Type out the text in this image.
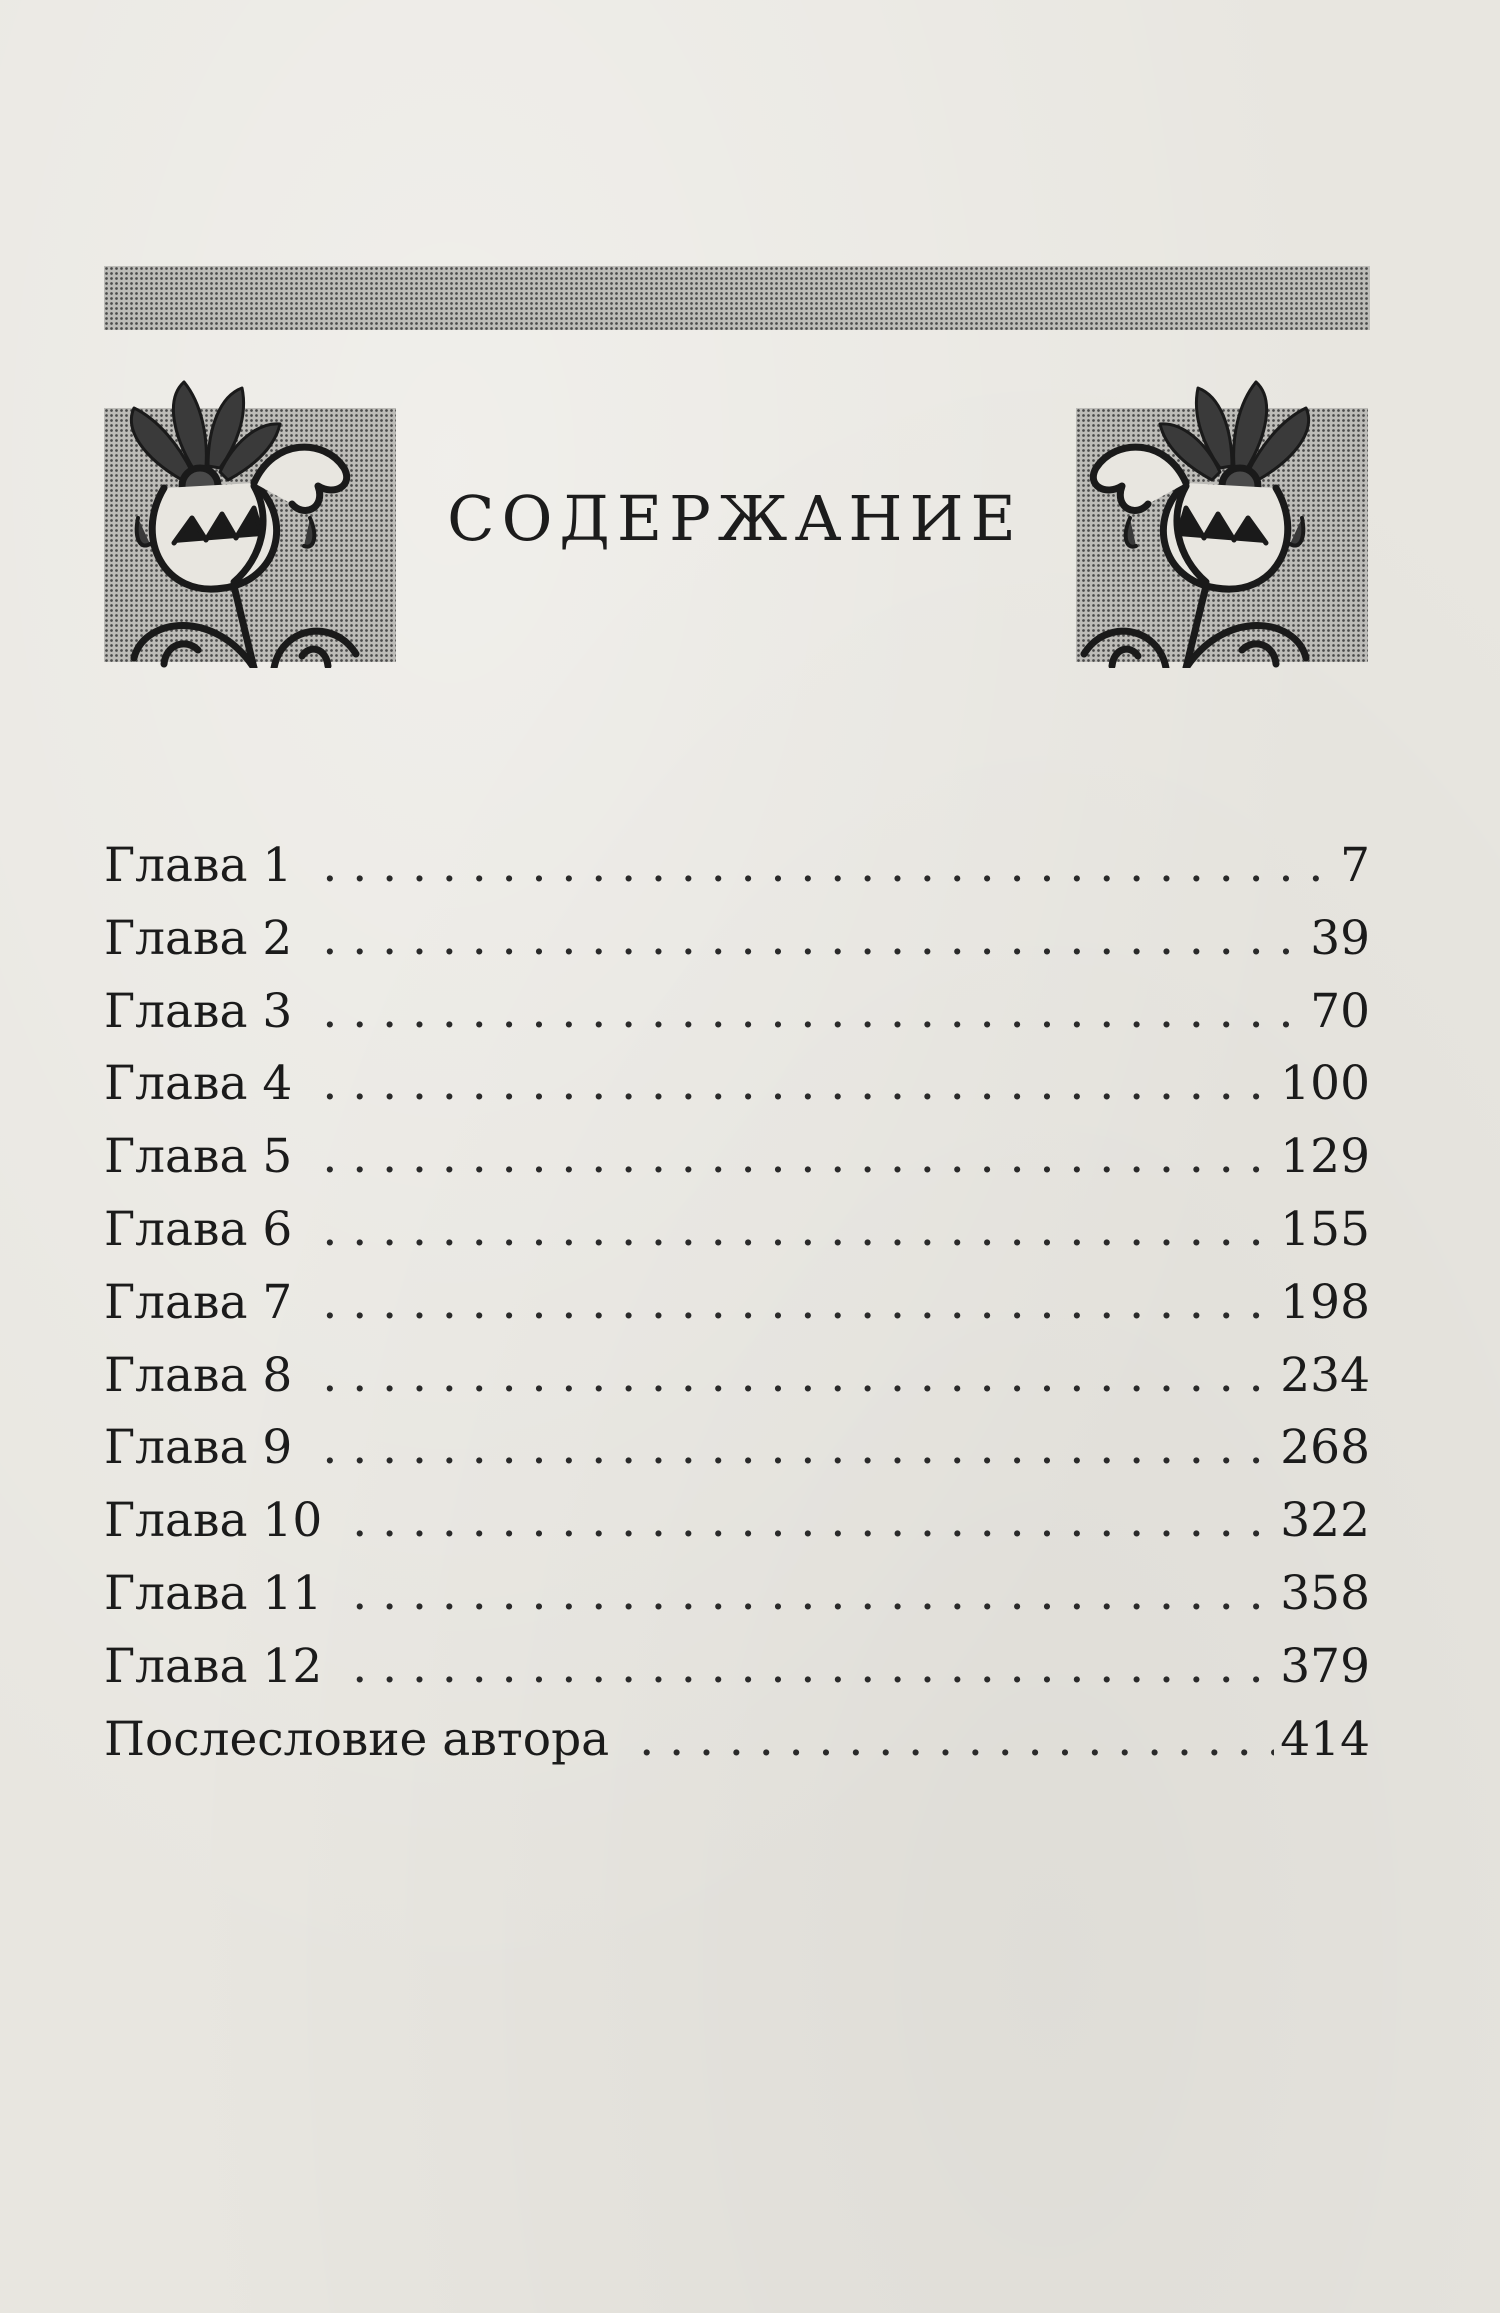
СОДЕРЖАНИЕ
Глава 1 . . .	7
Глава 2 . . .	39
Глава 3 . . .	70
Глава 4 . . .	100
Глава 5 . . .	129
Глава 6 . . .	155
Глава 7 . . .	198
Глава 8 . . .	234
Глава 9 . . .	268
Глава 10 . . .	322
Глава 11 . . .	358
Глава 12 . . .	379
Послесловие автора . . .	414
